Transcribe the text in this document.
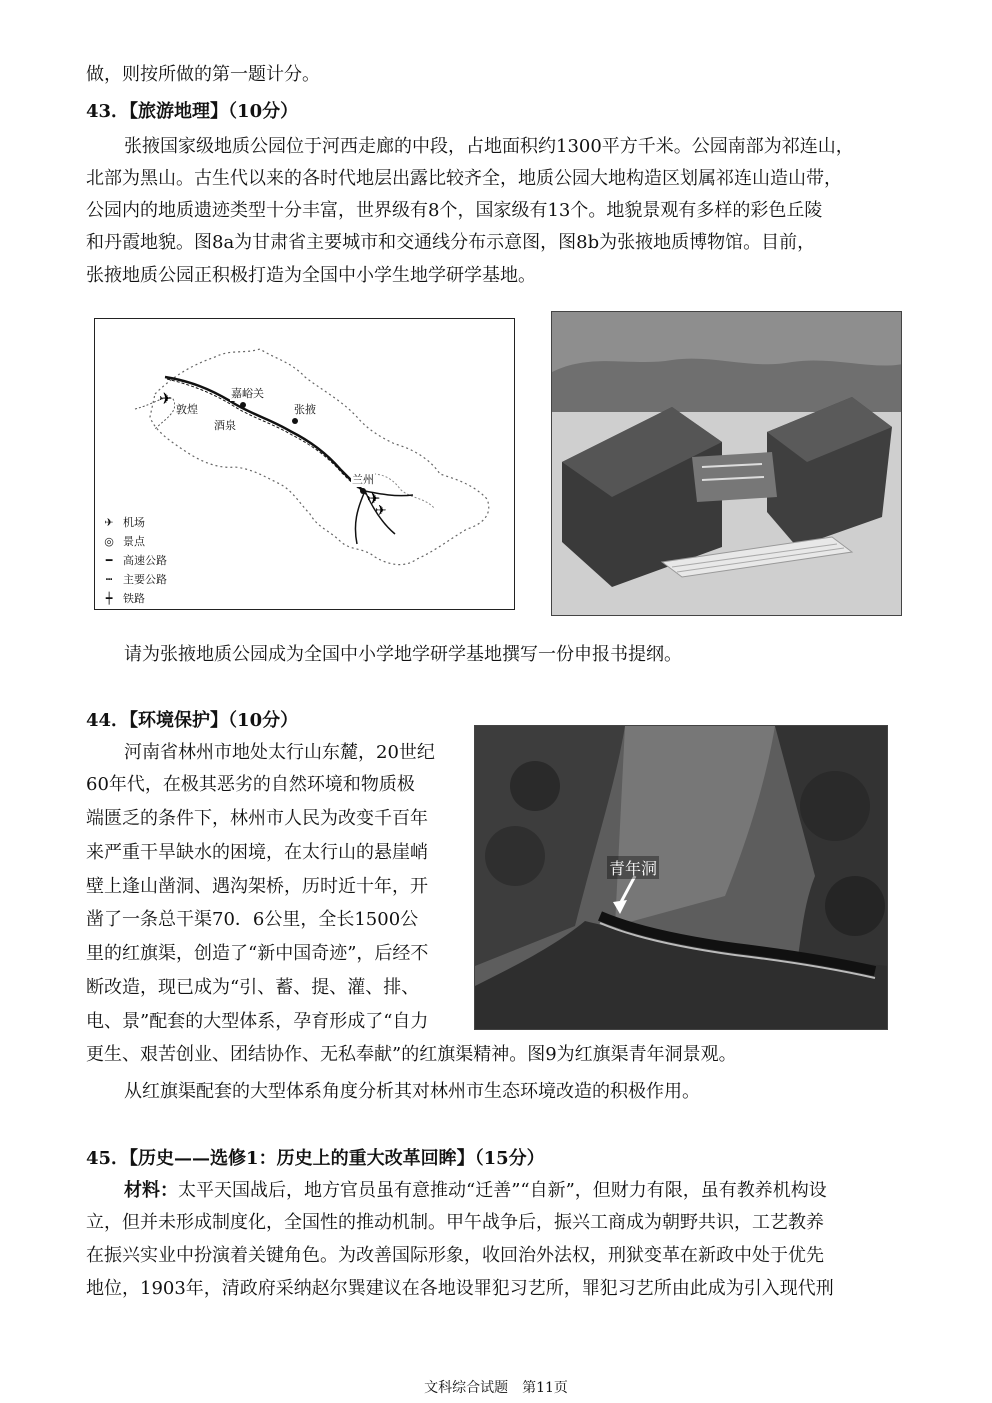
做，则按所做的第一题计分。
43．【旅游地理】（10分）
张掖国家级地质公园位于河西走廊的中段，占地面积约1300平方千米。公园南部为祁连山，
北部为黑山。古生代以来的各时代地层出露比较齐全，地质公园大地构造区划属祁连山造山带，
公园内的地质遗迹类型十分丰富，世界级有8个，国家级有13个。地貌景观有多样的彩色丘陵
和丹霞地貌。图8a为甘肃省主要城市和交通线分布示意图，图8b为张掖地质博物馆。目前，
张掖地质公园正积极打造为全国中小学生地学研学基地。
✈
✈
✈
嘉峪关
敦煌
酒泉
张掖
兰州
✈ 机场
◎ 景点
━ 高速公路
┅ 主要公路
┿ 铁路
请为张掖地质公园成为全国中小学地学研学基地撰写一份申报书提纲。
44．【环境保护】（10分）
河南省林州市地处太行山东麓，20世纪
60年代，在极其恶劣的自然环境和物质极
端匮乏的条件下，林州市人民为改变千百年
来严重干旱缺水的困境，在太行山的悬崖峭
壁上逢山凿洞、遇沟架桥，历时近十年，开
凿了一条总干渠70．6公里，全长1500公
里的红旗渠，创造了“新中国奇迹”，后经不
断改造，现已成为“引、蓄、提、灌、排、
电、景”配套的大型体系，孕育形成了“自力
更生、艰苦创业、团结协作、无私奉献”的红旗渠精神。图9为红旗渠青年洞景观。
青年洞
从红旗渠配套的大型体系角度分析其对林州市生态环境改造的积极作用。
45．【历史——选修1：历史上的重大改革回眸】（15分）
材料：太平天国战后，地方官员虽有意推动“迁善”“自新”，但财力有限，虽有教养机构设
立，但并未形成制度化，全国性的推动机制。甲午战争后，振兴工商成为朝野共识，工艺教养
在振兴实业中扮演着关键角色。为改善国际形象，收回治外法权，刑狱变革在新政中处于优先
地位，1903年，清政府采纳赵尔巽建议在各地设罪犯习艺所，罪犯习艺所由此成为引入现代刑
文科综合试题　第11页
